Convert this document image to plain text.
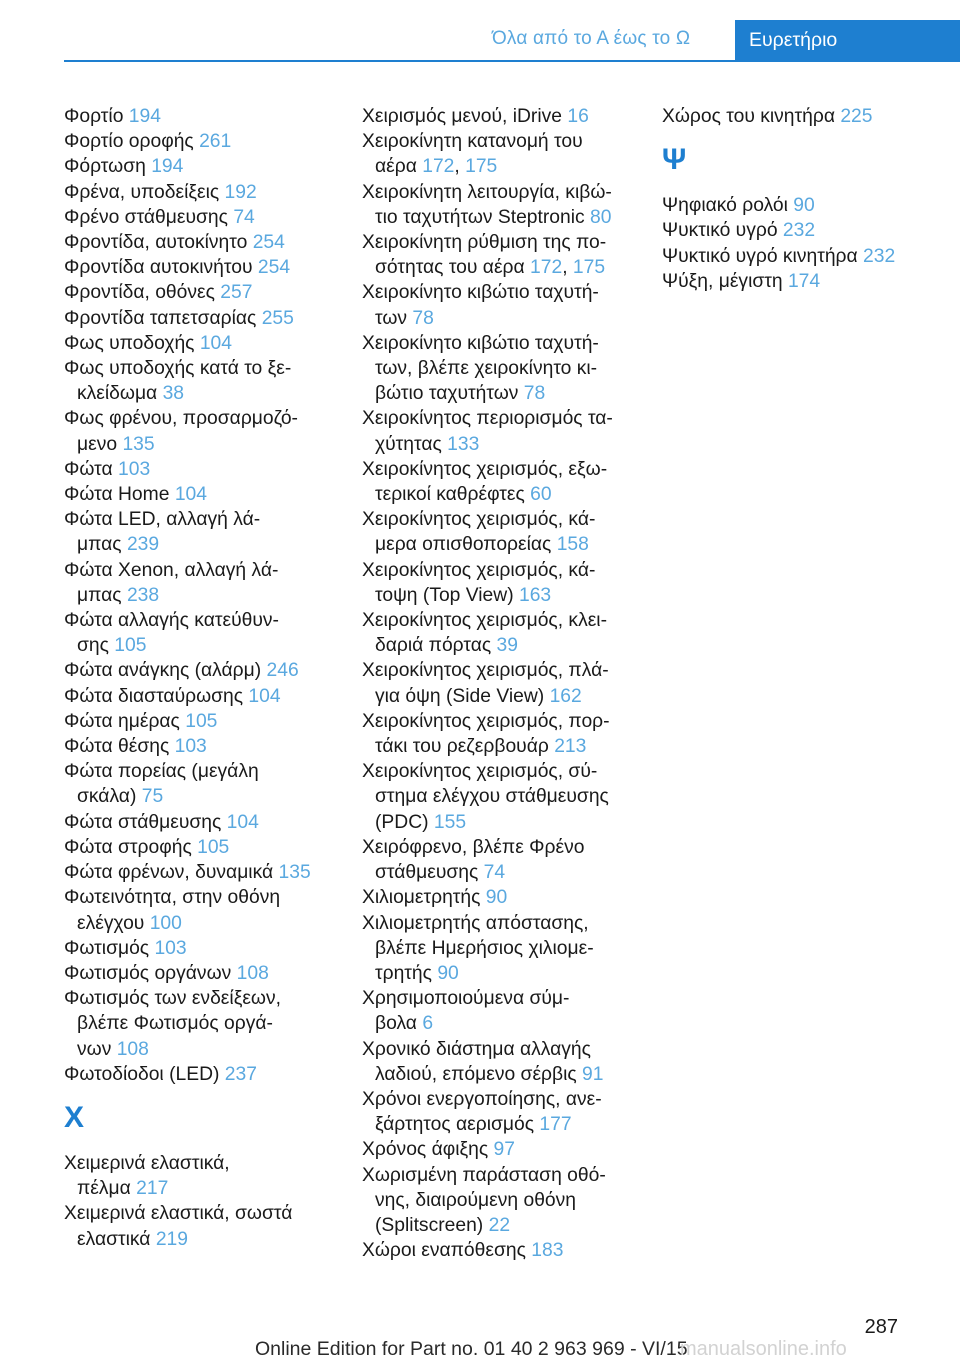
Όλα από το Α έως το Ω	Ευρετήριο
Φορτίο 194
Φορτίο οροφής 261
Φόρτωση 194
Φρένα, υποδείξεις 192
Φρένο στάθμευσης 74
Φροντίδα, αυτοκίνητο 254
Φροντίδα αυτοκινήτου 254
Φροντίδα, οθόνες 257
Φροντίδα ταπετσαρίας 255
Φως υποδοχής 104
Φως υποδοχής κατά το ξε-
κλείδωμα 38
Φως φρένου, προσαρμοζό-
μενο 135
Φώτα 103
Φώτα Home 104
Φώτα LED, αλλαγή λά-
μπας 239
Φώτα Xenon, αλλαγή λά-
μπας 238
Φώτα αλλαγής κατεύθυν-
σης 105
Φώτα ανάγκης (αλάρμ) 246
Φώτα διασταύρωσης 104
Φώτα ημέρας 105
Φώτα θέσης 103
Φώτα πορείας (μεγάλη
σκάλα) 75
Φώτα στάθμευσης 104
Φώτα στροφής 105
Φώτα φρένων, δυναμικά 135
Φωτεινότητα, στην οθόνη
ελέγχου 100
Φωτισμός 103
Φωτισμός οργάνων 108
Φωτισμός των ενδείξεων,
βλέπε Φωτισμός οργά-
νων 108
Φωτοδίοδοι (LED) 237
Χ
Χειμερινά ελαστικά,
πέλμα 217
Χειμερινά ελαστικά, σωστά
ελαστικά 219
Χειρισμός μενού, iDrive 16
Χειροκίνητη κατανομή του
αέρα 172, 175
Χειροκίνητη λειτουργία, κιβώ-
τιο ταχυτήτων Steptronic 80
Χειροκίνητη ρύθμιση της πο-
σότητας του αέρα 172, 175
Χειροκίνητο κιβώτιο ταχυτή-
των 78
Χειροκίνητο κιβώτιο ταχυτή-
των, βλέπε χειροκίνητο κι-
βώτιο ταχυτήτων 78
Χειροκίνητος περιορισμός τα-
χύτητας 133
Χειροκίνητος χειρισμός, εξω-
τερικοί καθρέφτες 60
Χειροκίνητος χειρισμός, κά-
μερα οπισθοπορείας 158
Χειροκίνητος χειρισμός, κά-
τοψη (Top View) 163
Χειροκίνητος χειρισμός, κλει-
δαριά πόρτας 39
Χειροκίνητος χειρισμός, πλά-
για όψη (Side View) 162
Χειροκίνητος χειρισμός, πορ-
τάκι του ρεζερβουάρ 213
Χειροκίνητος χειρισμός, σύ-
στημα ελέγχου στάθμευσης
(PDC) 155
Χειρόφρενο, βλέπε Φρένο
στάθμευσης 74
Χιλιομετρητής 90
Χιλιομετρητής απόστασης,
βλέπε Ημερήσιος χιλιομε-
τρητής 90
Χρησιμοποιούμενα σύμ-
βολα 6
Χρονικό διάστημα αλλαγής
λαδιού, επόμενο σέρβις 91
Χρόνοι ενεργοποίησης, ανε-
ξάρτητος αερισμός 177
Χρόνος άφιξης 97
Χωρισμένη παράσταση οθό-
νης, διαιρούμενη οθόνη
(Splitscreen) 22
Χώροι εναπόθεσης 183
Χώρος του κινητήρα 225
Ψ
Ψηφιακό ρολόι 90
Ψυκτικό υγρό 232
Ψυκτικό υγρό κινητήρα 232
Ψύξη, μέγιστη 174
287
Online Edition for Part no. 01 40 2 963 969 - VI/15
manualsonline.info
